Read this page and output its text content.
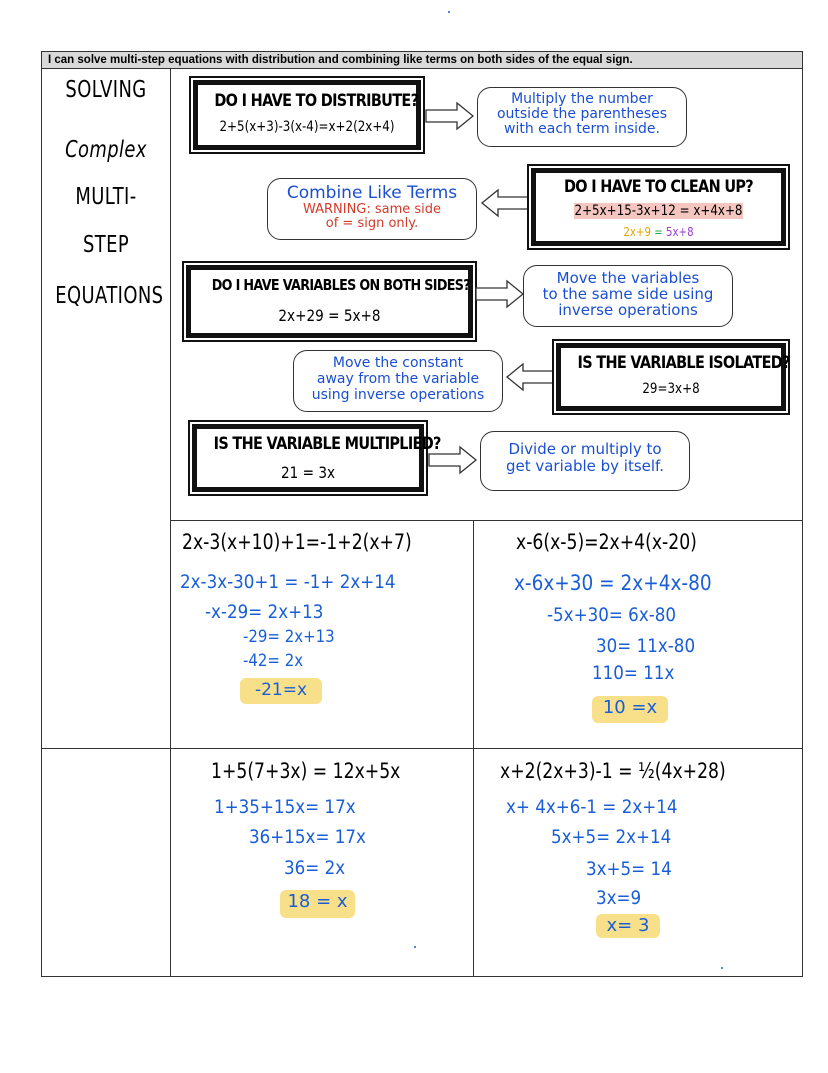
I can solve multi-step equations with distribution and combining like terms on both sides of the equal sign.
SOLVING
Complex
MULTI-
STEP
EQUATIONS
DO I HAVE TO DISTRIBUTE?
2+5(x+3)-3(x-4)=x+2(2x+4)
Multiply the number
outside the parentheses
with each term inside.
Combine Like Terms
WARNING: same side
of = sign only.
DO I HAVE TO CLEAN UP?
2+5x+15-3x+12 = x+4x+8
2x+9 = 5x+8
DO I HAVE VARIABLES ON BOTH SIDES?
2x+29 = 5x+8
Move the variables
to the same side using
inverse operations
Move the constant
away from the variable
using inverse operations
IS THE VARIABLE ISOLATED?
29=3x+8
IS THE VARIABLE MULTIPLIED?
21 = 3x
Divide or multiply to
get variable by itself.
2x-3(x+10)+1=-1+2(x+7)
2x-3x-30+1 = -1+ 2x+14
-x-29= 2x+13
-29= 2x+13
-42= 2x
-21=x
x-6(x-5)=2x+4(x-20)
x-6x+30 = 2x+4x-80
-5x+30= 6x-80
30= 11x-80
110= 11x
10 =x
1+5(7+3x) = 12x+5x
1+35+15x= 17x
36+15x= 17x
36= 2x
18 = x
x+2(2x+3)-1 = ½(4x+28)
x+ 4x+6-1 = 2x+14
5x+5= 2x+14
3x+5= 14
3x=9
x= 3
